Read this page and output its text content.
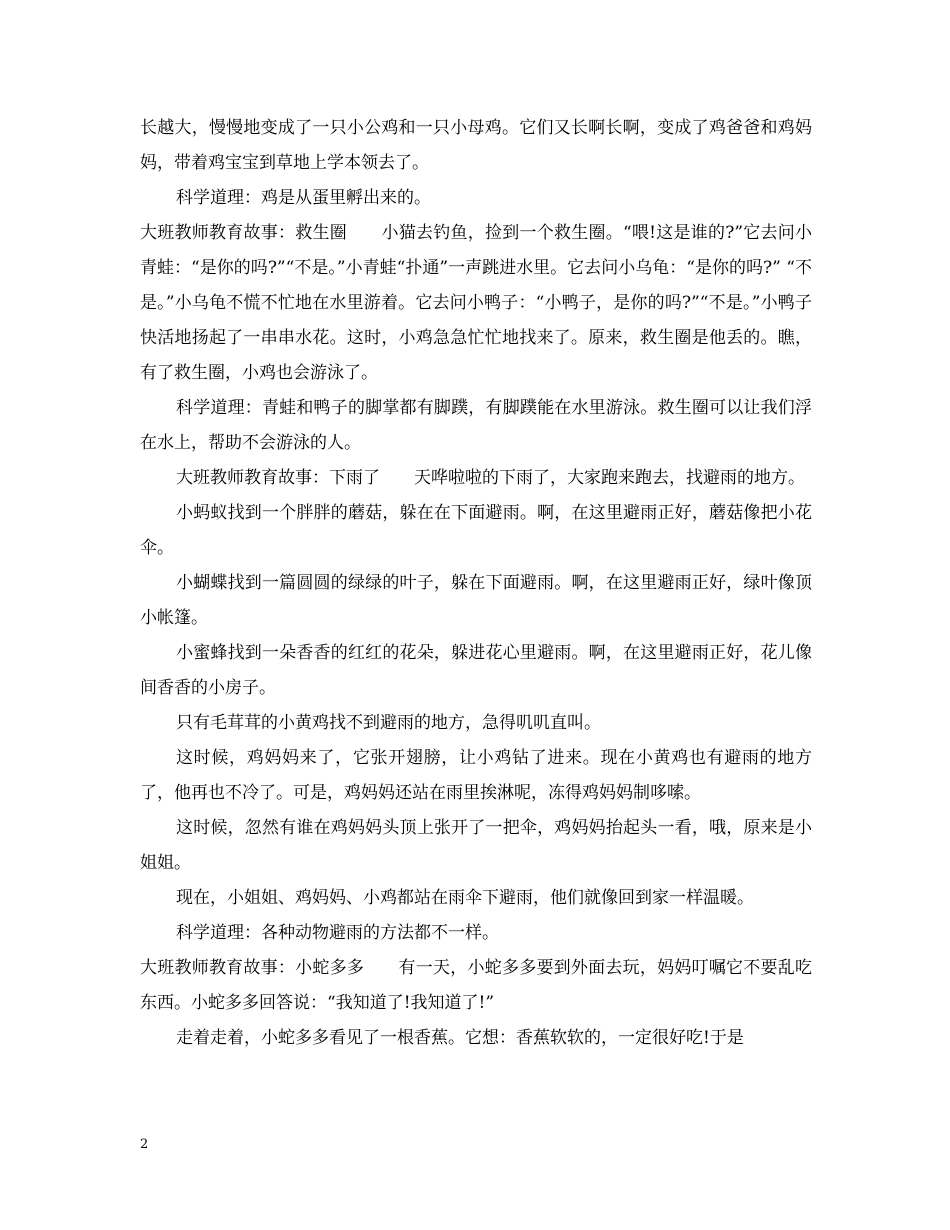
长越大，慢慢地变成了一只小公鸡和一只小母鸡。它们又长啊长啊，变成了鸡爸爸和鸡妈妈，带着鸡宝宝到草地上学本领去了。

科学道理：鸡是从蛋里孵出来的。

大班教师教育故事：救生圈　　小猫去钓鱼，捡到一个救生圈。“喂!这是谁的?”它去问小青蛙：“是你的吗?”“不是。”小青蛙“扑通”一声跳进水里。它去问小乌龟：“是你的吗?” “不是。”小乌龟不慌不忙地在水里游着。它去问小鸭子：“小鸭子，是你的吗?”“不是。”小鸭子快活地扬起了一串串水花。这时，小鸡急急忙忙地找来了。原来，救生圈是他丢的。瞧，有了救生圈，小鸡也会游泳了。

科学道理：青蛙和鸭子的脚掌都有脚蹼，有脚蹼能在水里游泳。救生圈可以让我们浮在水上，帮助不会游泳的人。

大班教师教育故事：下雨了　　天哗啦啦的下雨了，大家跑来跑去，找避雨的地方。

小蚂蚁找到一个胖胖的蘑菇，躲在在下面避雨。啊，在这里避雨正好，蘑菇像把小花伞。

小蝴蝶找到一篇圆圆的绿绿的叶子，躲在下面避雨。啊，在这里避雨正好，绿叶像顶小帐篷。

小蜜蜂找到一朵香香的红红的花朵，躲进花心里避雨。啊，在这里避雨正好，花儿像间香香的小房子。

只有毛茸茸的小黄鸡找不到避雨的地方，急得叽叽直叫。

这时候，鸡妈妈来了，它张开翅膀，让小鸡钻了进来。现在小黄鸡也有避雨的地方了，他再也不冷了。可是，鸡妈妈还站在雨里挨淋呢，冻得鸡妈妈制哆嗦。

这时候，忽然有谁在鸡妈妈头顶上张开了一把伞，鸡妈妈抬起头一看，哦，原来是小姐姐。

现在，小姐姐、鸡妈妈、小鸡都站在雨伞下避雨，他们就像回到家一样温暖。

科学道理：各种动物避雨的方法都不一样。

大班教师教育故事：小蛇多多　　有一天，小蛇多多要到外面去玩，妈妈叮嘱它不要乱吃东西。小蛇多多回答说：“我知道了!我知道了!”

走着走着，小蛇多多看见了一根香蕉。它想：香蕉软软的，一定很好吃!于是

2
